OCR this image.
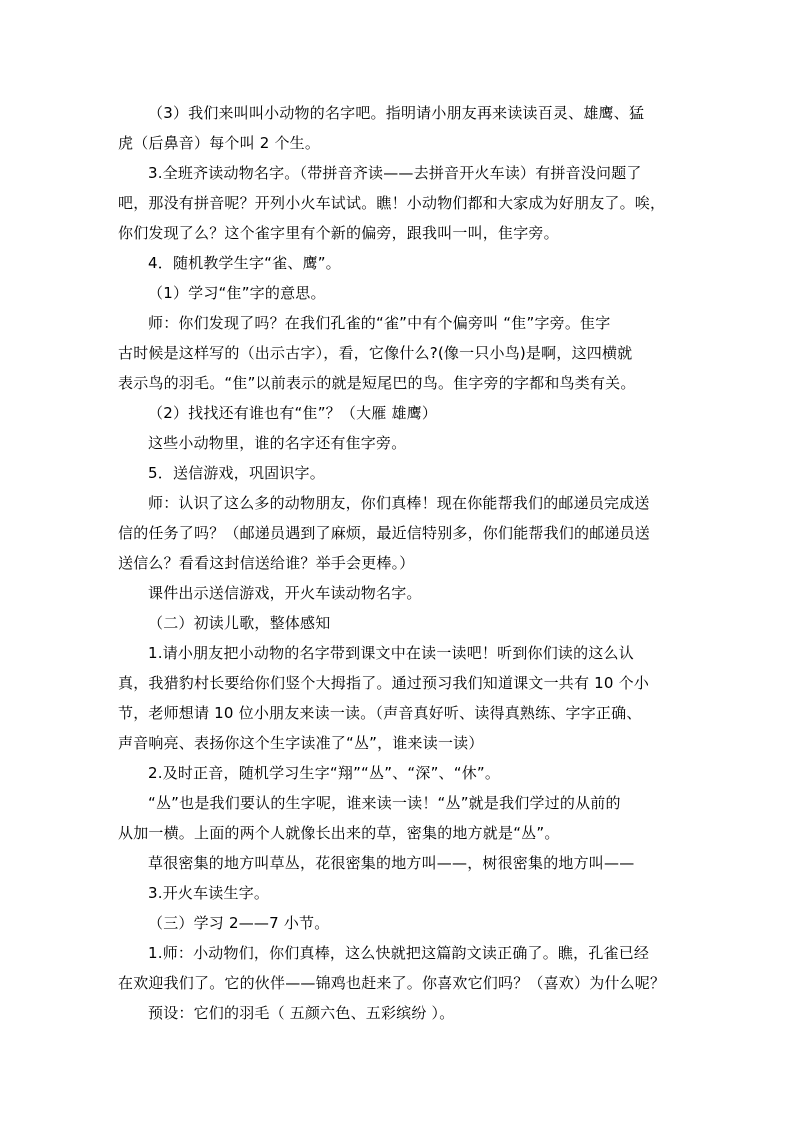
（3）我们来叫叫小动物的名字吧。指明请小朋友再来读读百灵、雄鹰、猛
虎（后鼻音）每个叫 2 个生。
3.全班齐读动物名字。（带拼音齐读——去拼音开火车读）有拼音没问题了
吧，那没有拼音呢？开列小火车试试。瞧！小动物们都和大家成为好朋友了。唉，
你们发现了么？这个雀字里有个新的偏旁，跟我叫一叫，隹字旁。
4．随机教学生字“雀、鹰”。
（1）学习“隹”字的意思。
师：你们发现了吗？在我们孔雀的“雀”中有个偏旁叫 “隹”字旁。隹字
古时候是这样写的（出示古字），看，它像什么?(像一只小鸟)是啊，这四横就
表示鸟的羽毛。“隹”以前表示的就是短尾巴的鸟。隹字旁的字都和鸟类有关。
（2）找找还有谁也有“隹”？（大雁 雄鹰）
这些小动物里，谁的名字还有隹字旁。
5．送信游戏，巩固识字。
师：认识了这么多的动物朋友，你们真棒！现在你能帮我们的邮递员完成送
信的任务了吗？（邮递员遇到了麻烦，最近信特别多，你们能帮我们的邮递员送
送信么？看看这封信送给谁？举手会更棒。）
课件出示送信游戏，开火车读动物名字。
（二）初读儿歌，整体感知
1.请小朋友把小动物的名字带到课文中在读一读吧！听到你们读的这么认
真，我猎豹村长要给你们竖个大拇指了。通过预习我们知道课文一共有 10 个小
节，老师想请 10 位小朋友来读一读。（声音真好听、读得真熟练、字字正确、
声音响亮、表扬你这个生字读准了“丛”，谁来读一读）
2.及时正音，随机学习生字“翔”“丛”、“深”、“休”。
“丛”也是我们要认的生字呢，谁来读一读！“丛”就是我们学过的从前的
从加一横。上面的两个人就像长出来的草，密集的地方就是“丛”。
草很密集的地方叫草丛，花很密集的地方叫——，树很密集的地方叫——
3.开火车读生字。
（三）学习 2——7 小节。
1.师：小动物们，你们真棒，这么快就把这篇韵文读正确了。瞧，孔雀已经
在欢迎我们了。它的伙伴——锦鸡也赶来了。你喜欢它们吗？（喜欢）为什么呢？
预设：它们的羽毛（ 五颜六色、五彩缤纷 ）。
